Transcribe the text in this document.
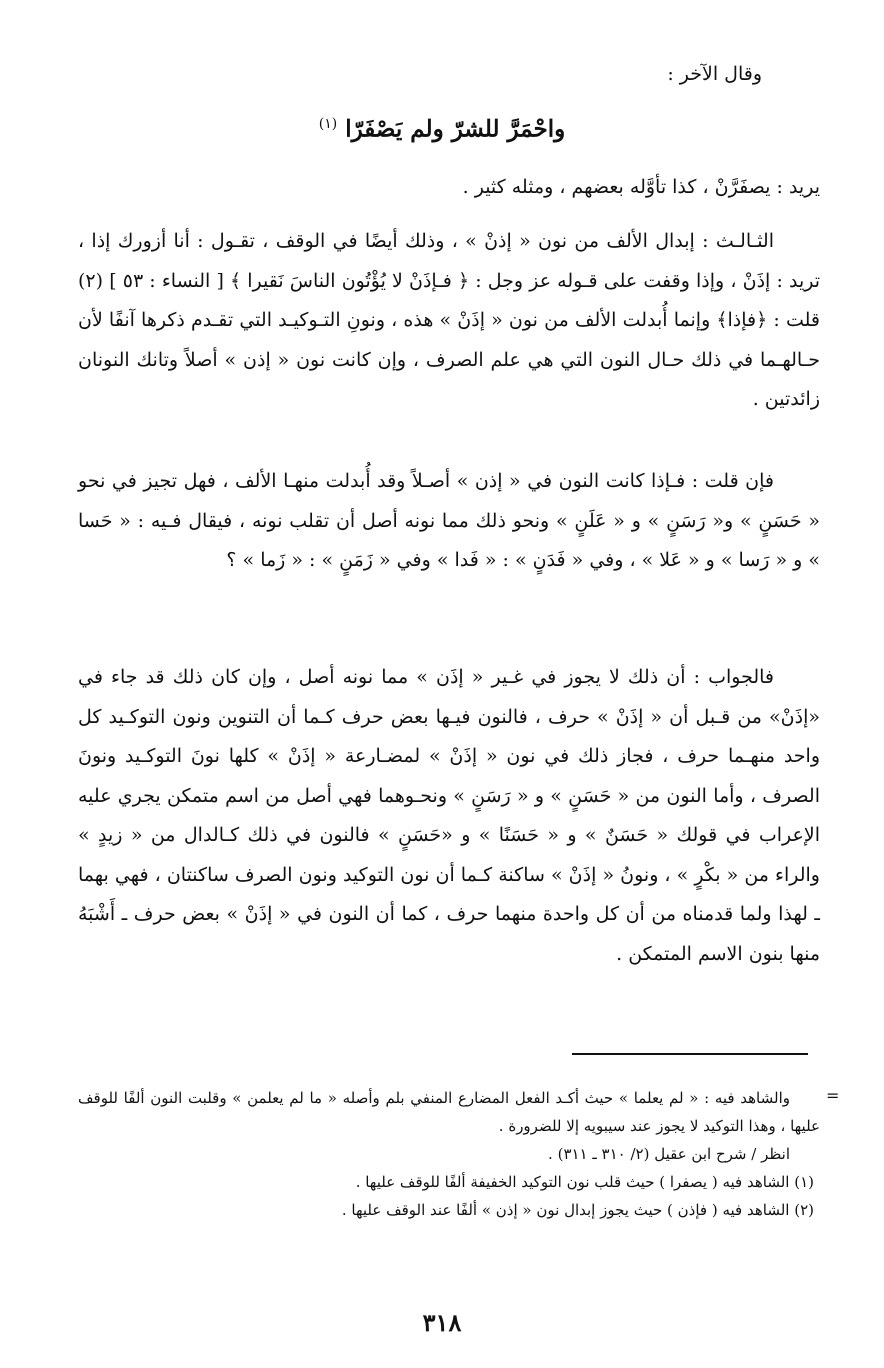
وقال الآخر :

واحْمَرَّ للشرّ ولم يَصْفَرّا $^{(١)}$

يريد : يصفَرَّنْ ، كذا تأوَّله بعضهم ، ومثله كثير .

الثـالـث : إبدال الألف من نون « إذنْ » ، وذلك أيضًا في الوقف ، تقـول : أنا أزورك إذا ، تريد : إذَنْ ، وإذا وقفت على قـوله عز وجل : ﴿ فـإذَنْ لا يُؤْتُون الناسَ نَقيرا ﴾ [ النساء : ٥٣ ] (٢) قلت : ﴿فإذا﴾ وإنما أُبدلت الألف من نون « إذَنْ » هذه ، ونونِ التـوكيـد التي تقـدم ذكرها آنفًا لأن حـالهـما في ذلك حـال النون التي هي علم الصرف ، وإن كانت نون « إذن » أصلاً وتانك النونان زائدتين .

فإن قلت : فـإذا كانت النون في « إذن » أصـلاً وقد أُبدلت منهـا الألف ، فهل تجيز في نحو « حَسَنٍ » و« رَسَنٍ » و « عَلَنٍ » ونحو ذلك مما نونه أصل أن تقلب نونه ، فيقال فـيه : « حَسا » و « رَسا » و « عَلا » ، وفي « فَدَنٍ » : « فَدا » وفي « زَمَنٍ » : « زَما » ؟

فالجواب : أن ذلك لا يجوز في غـير « إذَن » مما نونه أصل ، وإن كان ذلك قد جاء في «إذَنْ» من قـبل أن « إذَنْ » حرف ، فالنون فيـها بعض حرف كـما أن التنوين ونون التوكـيد كل واحد منهـما حرف ، فجاز ذلك في نون « إذَنْ » لمضـارعة « إذَنْ » كلها نونَ التوكـيد ونونَ الصرف ، وأما النون من « حَسَنٍ » و « رَسَنٍ » ونحـوهما فهي أصل من اسم متمكن يجري عليه الإعراب في قولك « حَسَنٌ » و « حَسَنًا » و «حَسَنٍ » فالنون في ذلك كـالدال من « زيدٍ » والراء من « بكْرٍ » ، ونونُ « إذَنْ » ساكنة كـما أن نون التوكيد ونون الصرف ساكنتان ، فهي بهما ـ لهذا ولما قدمناه من أن كل واحدة منهما حرف ، كما أن النون في « إذَنْ » بعض حرف ـ أَشْبَهُ منها بنون الاسم المتمكن .

=

والشاهد فيه : « لم يعلما » حيث أكـد الفعل المضارع المنفي بلم وأصله « ما لم يعلمن » وقلبت النون ألفًا للوقف عليها ، وهذا التوكيد لا يجوز عند سيبويه إلا للضرورة .

انظر / شرح ابن عقيل (٢/ ٣١٠ ـ ٣١١) .

(١) الشاهد فيه ( يصفرا ) حيث قلب نون التوكيد الخفيفة ألفًا للوقف عليها .

(٢) الشاهد فيه ( فإذن ) حيث يجوز إبدال نون « إذن » ألفًا عند الوقف عليها .

٣١٨
